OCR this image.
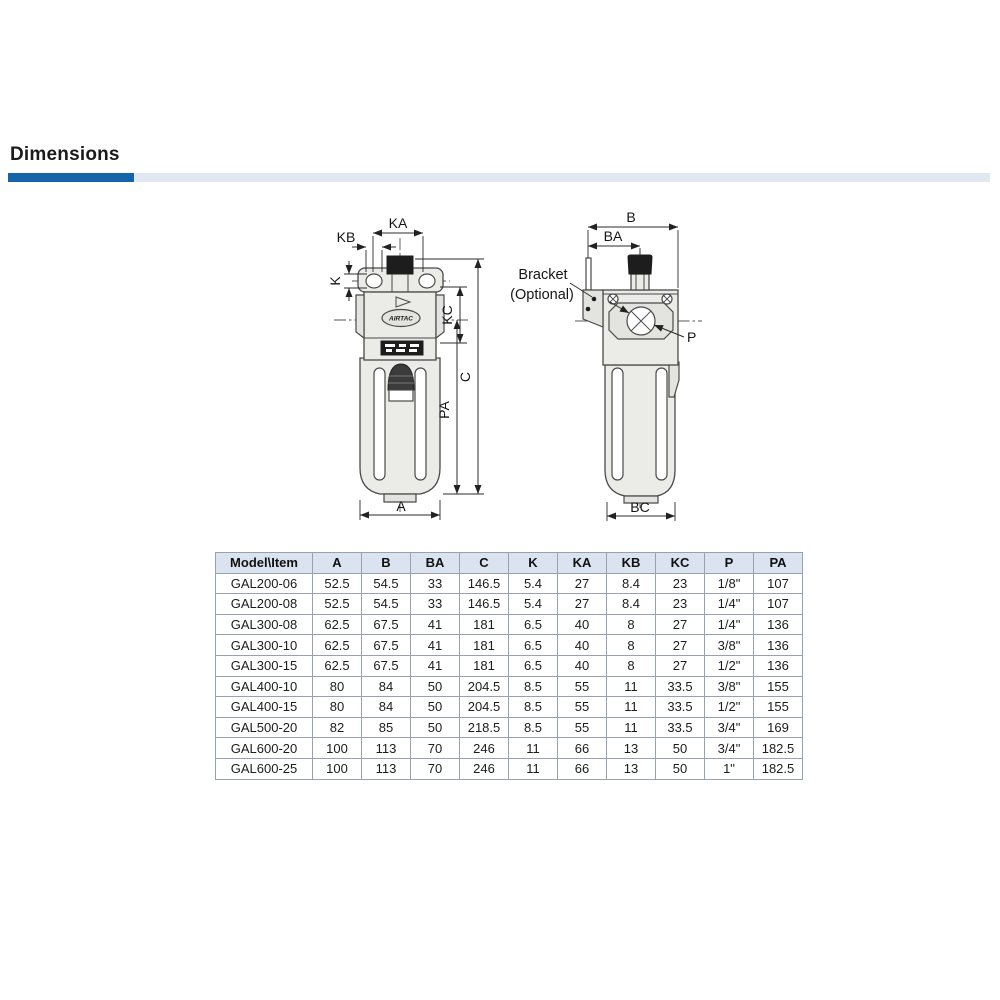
Dimensions
AIRTAC
KA
KB
K
KC
C
PA
A
B
BA
Bracket
(Optional)
P
BC
Model\Item	A	B	BA	C	K	KA	KB	KC	P	PA
GAL200-06	52.5	54.5	33	146.5	5.4	27	8.4	23	1/8"	107
GAL200-08	52.5	54.5	33	146.5	5.4	27	8.4	23	1/4"	107
GAL300-08	62.5	67.5	41	181	6.5	40	8	27	1/4"	136
GAL300-10	62.5	67.5	41	181	6.5	40	8	27	3/8"	136
GAL300-15	62.5	67.5	41	181	6.5	40	8	27	1/2"	136
GAL400-10	80	84	50	204.5	8.5	55	11	33.5	3/8"	155
GAL400-15	80	84	50	204.5	8.5	55	11	33.5	1/2"	155
GAL500-20	82	85	50	218.5	8.5	55	11	33.5	3/4"	169
GAL600-20	100	113	70	246	11	66	13	50	3/4"	182.5
GAL600-25	100	113	70	246	11	66	13	50	1"	182.5
